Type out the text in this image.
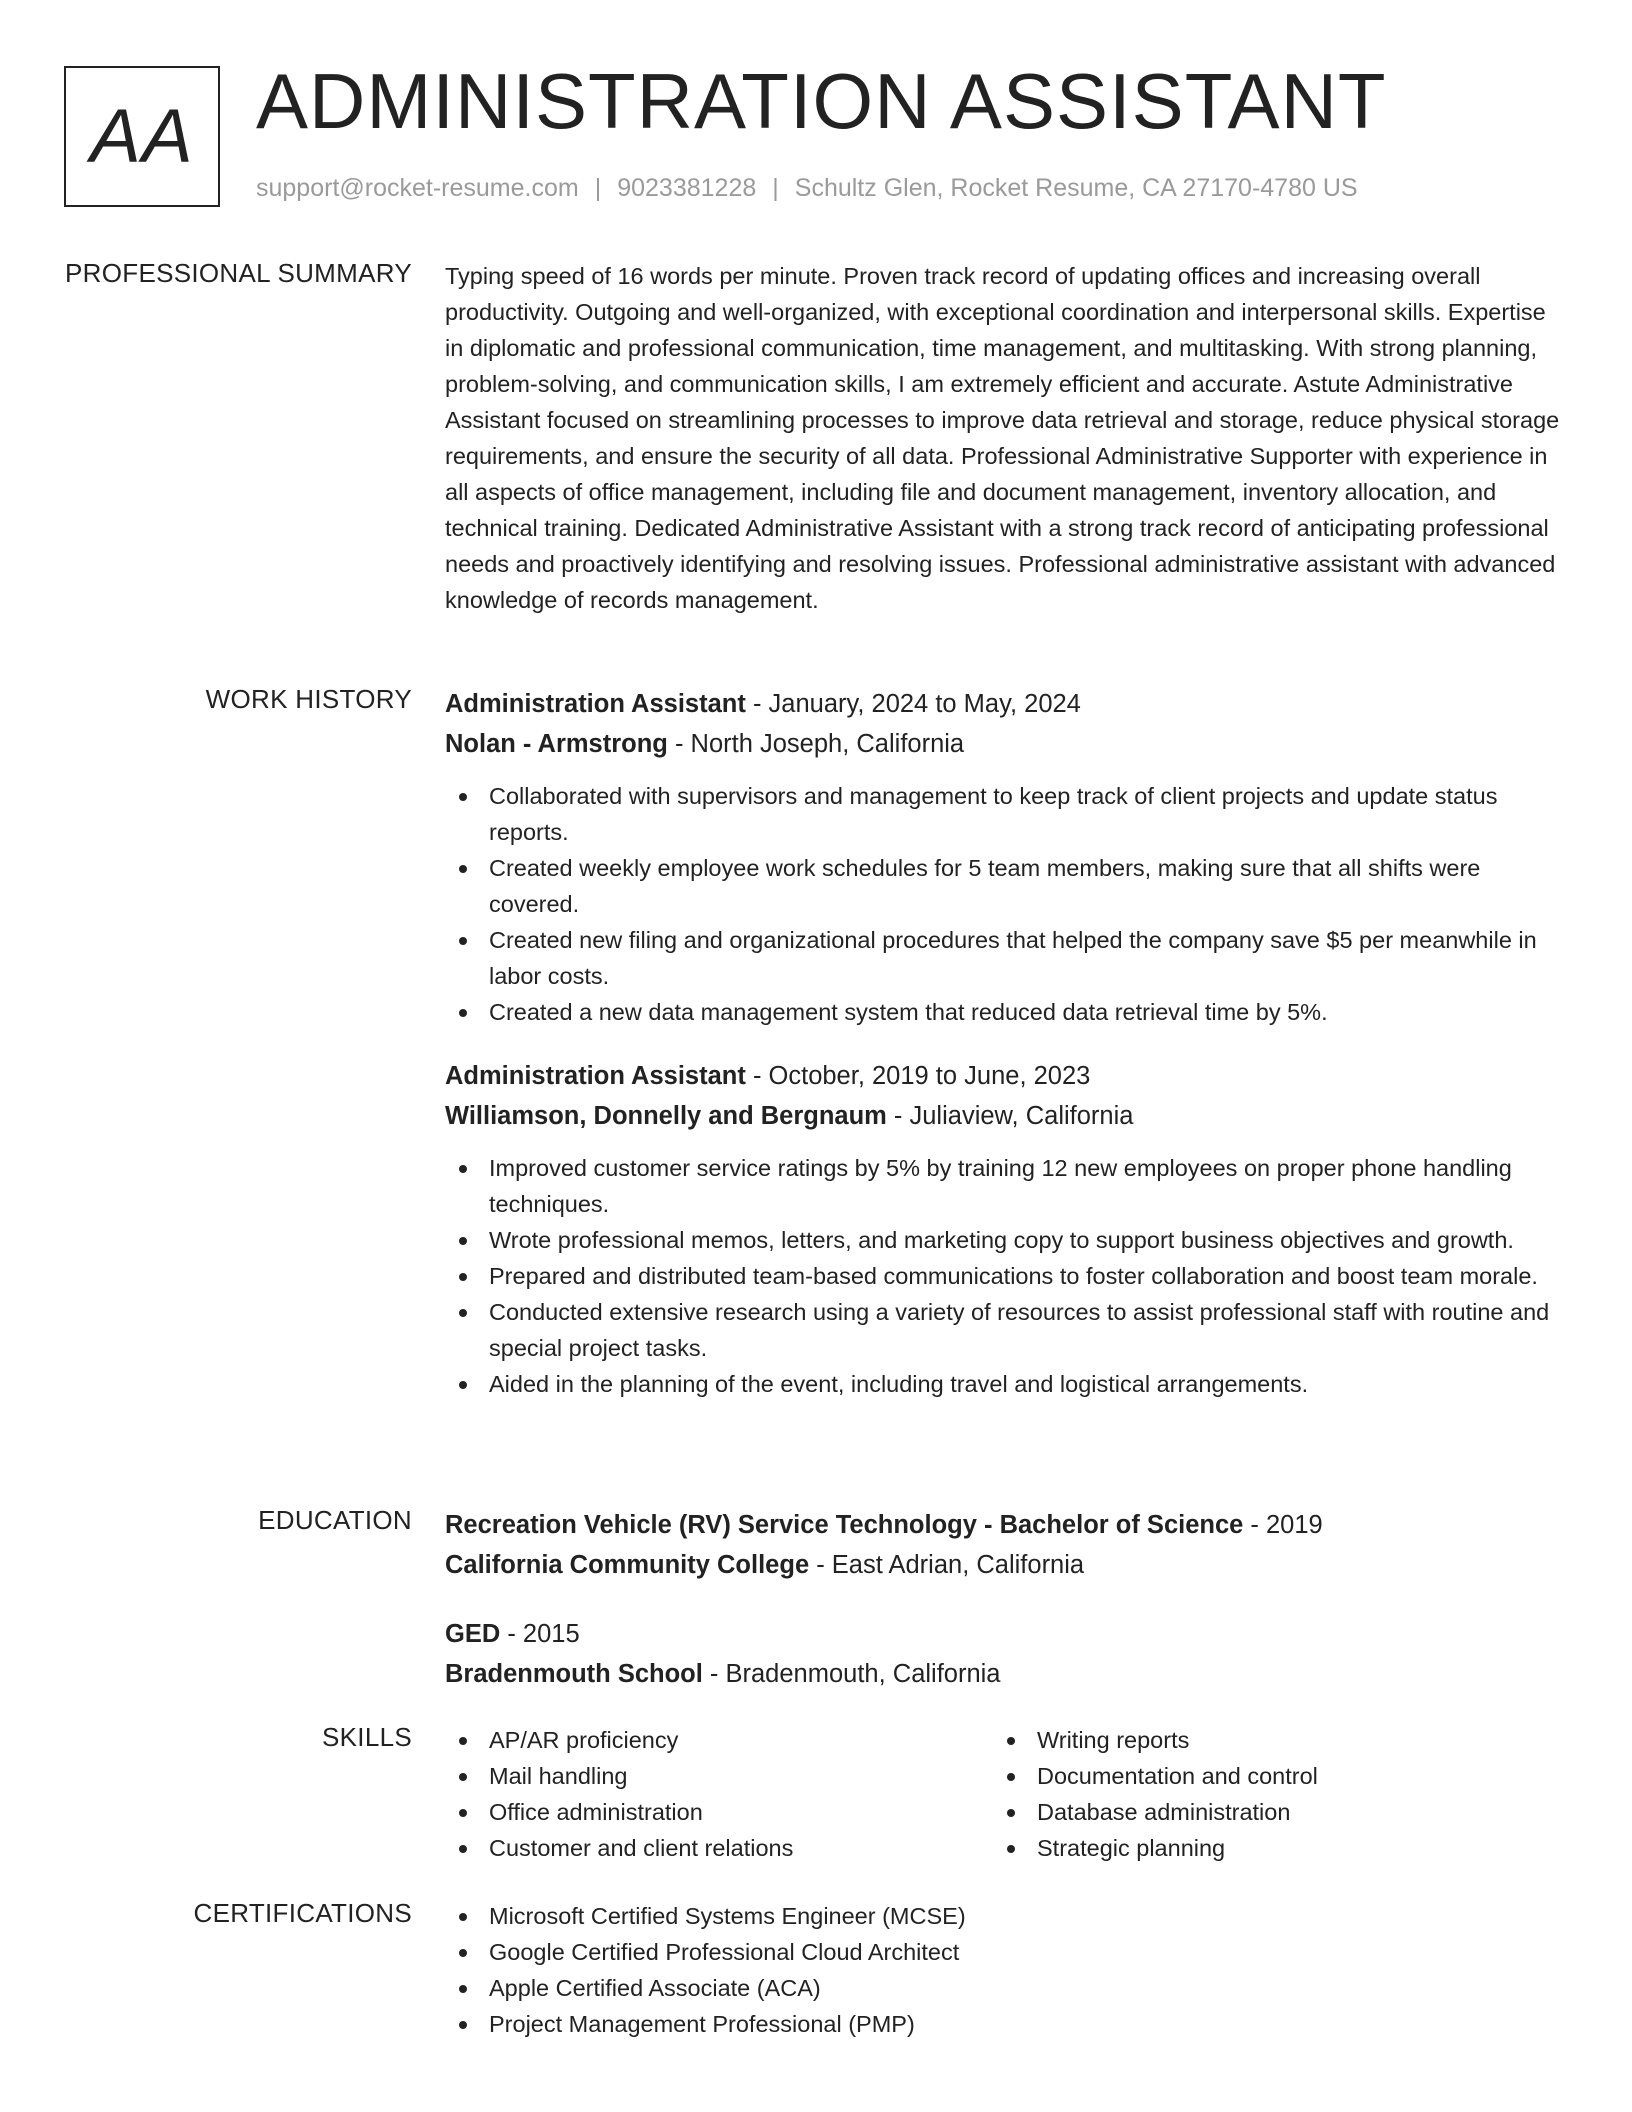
AA ADMINISTRATION ASSISTANT
support@rocket-resume.com | 9023381228 | Schultz Glen, Rocket Resume, CA 27170-4780 US
PROFESSIONAL SUMMARY Typing speed of 16 words per minute. Proven track record of updating offices and increasing overall productivity. Outgoing and well-organized, with exceptional coordination and interpersonal skills. Expertise in diplomatic and professional communication, time management, and multitasking. With strong planning, problem-solving, and communication skills, I am extremely efficient and accurate. Astute Administrative Assistant focused on streamlining processes to improve data retrieval and storage, reduce physical storage requirements, and ensure the security of all data. Professional Administrative Supporter with experience in all aspects of office management, including file and document management, inventory allocation, and technical training. Dedicated Administrative Assistant with a strong track record of anticipating professional needs and proactively identifying and resolving issues. Professional administrative assistant with advanced knowledge of records management.

WORK HISTORY Administration Assistant - January, 2024 to May, 2024
Nolan - Armstrong - North Joseph, California
Collaborated with supervisors and management to keep track of client projects and update status reports.
Created weekly employee work schedules for 5 team members, making sure that all shifts were covered.
Created new filing and organizational procedures that helped the company save $5 per meanwhile in labor costs.
Created a new data management system that reduced data retrieval time by 5%.
Administration Assistant - October, 2019 to June, 2023
Williamson, Donnelly and Bergnaum - Juliaview, California
Improved customer service ratings by 5% by training 12 new employees on proper phone handling techniques.
Wrote professional memos, letters, and marketing copy to support business objectives and growth.
Prepared and distributed team-based communications to foster collaboration and boost team morale.
Conducted extensive research using a variety of resources to assist professional staff with routine and special project tasks.
Aided in the planning of the event, including travel and logistical arrangements.
EDUCATION Recreation Vehicle (RV) Service Technology - Bachelor of Science - 2019
California Community College - East Adrian, California
GED - 2015
Bradenmouth School - Bradenmouth, California
SKILLS	AP/AR proficiency
Mail handling
Office administration
Customer and client relations
Writing reports
Documentation and control
Database administration
Strategic planning
CERTIFICATIONS	Microsoft Certified Systems Engineer (MCSE)
Google Certified Professional Cloud Architect
Apple Certified Associate (ACA)
Project Management Professional (PMP)
